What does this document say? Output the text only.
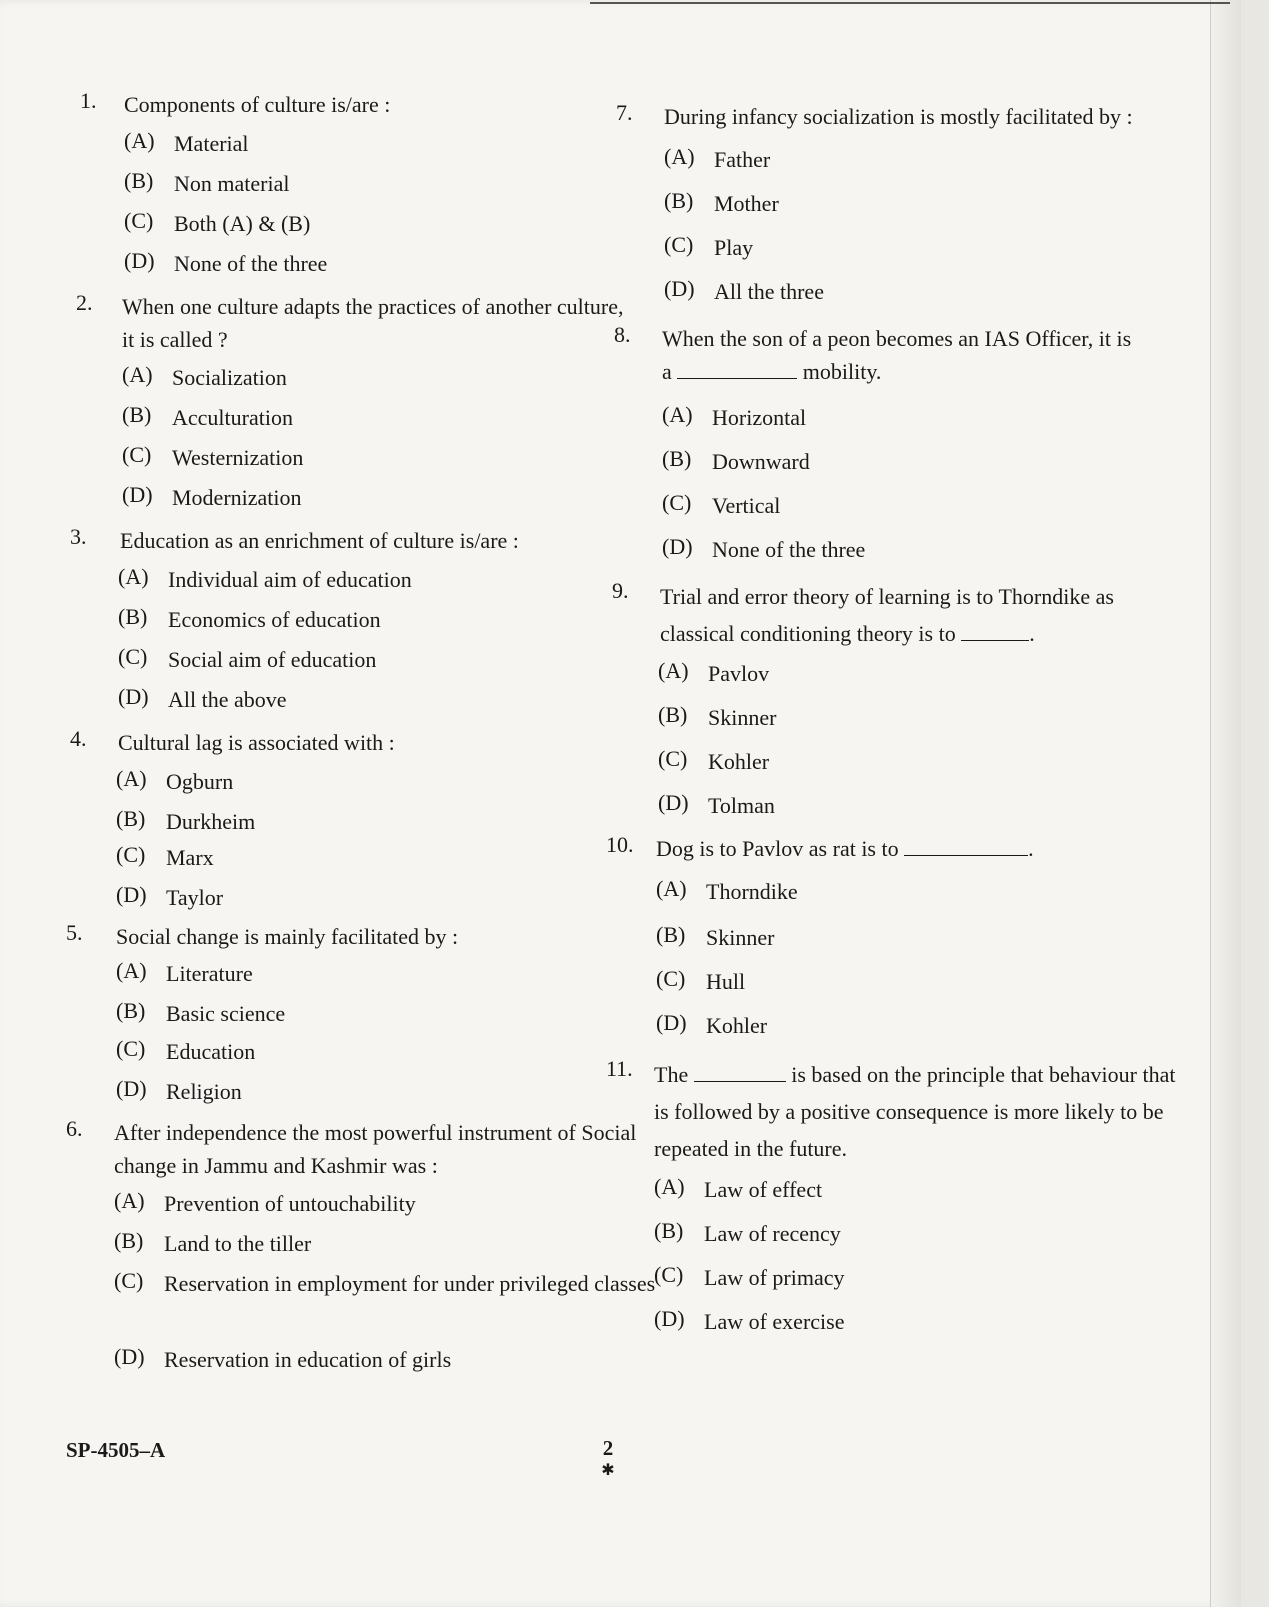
1. Components of culture is/are :
(A) Material
(B) Non material
(C) Both (A) & (B)
(D) None of the three
2. When one culture adapts the practices of another culture, it is called ?
(A) Socialization
(B) Acculturation
(C) Westernization
(D) Modernization
3. Education as an enrichment of culture is/are :
(A) Individual aim of education
(B) Economics of education
(C) Social aim of education
(D) All the above
4. Cultural lag is associated with :
(A) Ogburn
(B) Durkheim
(C) Marx
(D) Taylor
5. Social change is mainly facilitated by :
(A) Literature
(B) Basic science
(C) Education
(D) Religion
6. After independence the most powerful instrument of Social change in Jammu and Kashmir was :
(A) Prevention of untouchability
(B) Land to the tiller
(C) Reservation in employment for under privileged classes
(D) Reservation in education of girls
7. During infancy socialization is mostly facilitated by :
(A) Father
(B) Mother
(C) Play
(D) All the three
8. When the son of a peon becomes an IAS Officer, it is
a	mobility.
(A) Horizontal
(B) Downward
(C) Vertical
(D) None of the three
9. Trial and error theory of learning is to Thorndike as
classical conditioning theory is to	.
(A) Pavlov
(B) Skinner
(C) Kohler
(D) Tolman
10. Dog is to Pavlov as rat is to	.
(A) Thorndike
(B) Skinner
(C) Hull
(D) Kohler
11. The	is based on the principle that behaviour that is followed by a positive consequence is more likely to be repeated in the future.
(A) Law of effect
(B) Law of recency
(C) Law of primacy
(D) Law of exercise
SP-4505–A	2
✱
